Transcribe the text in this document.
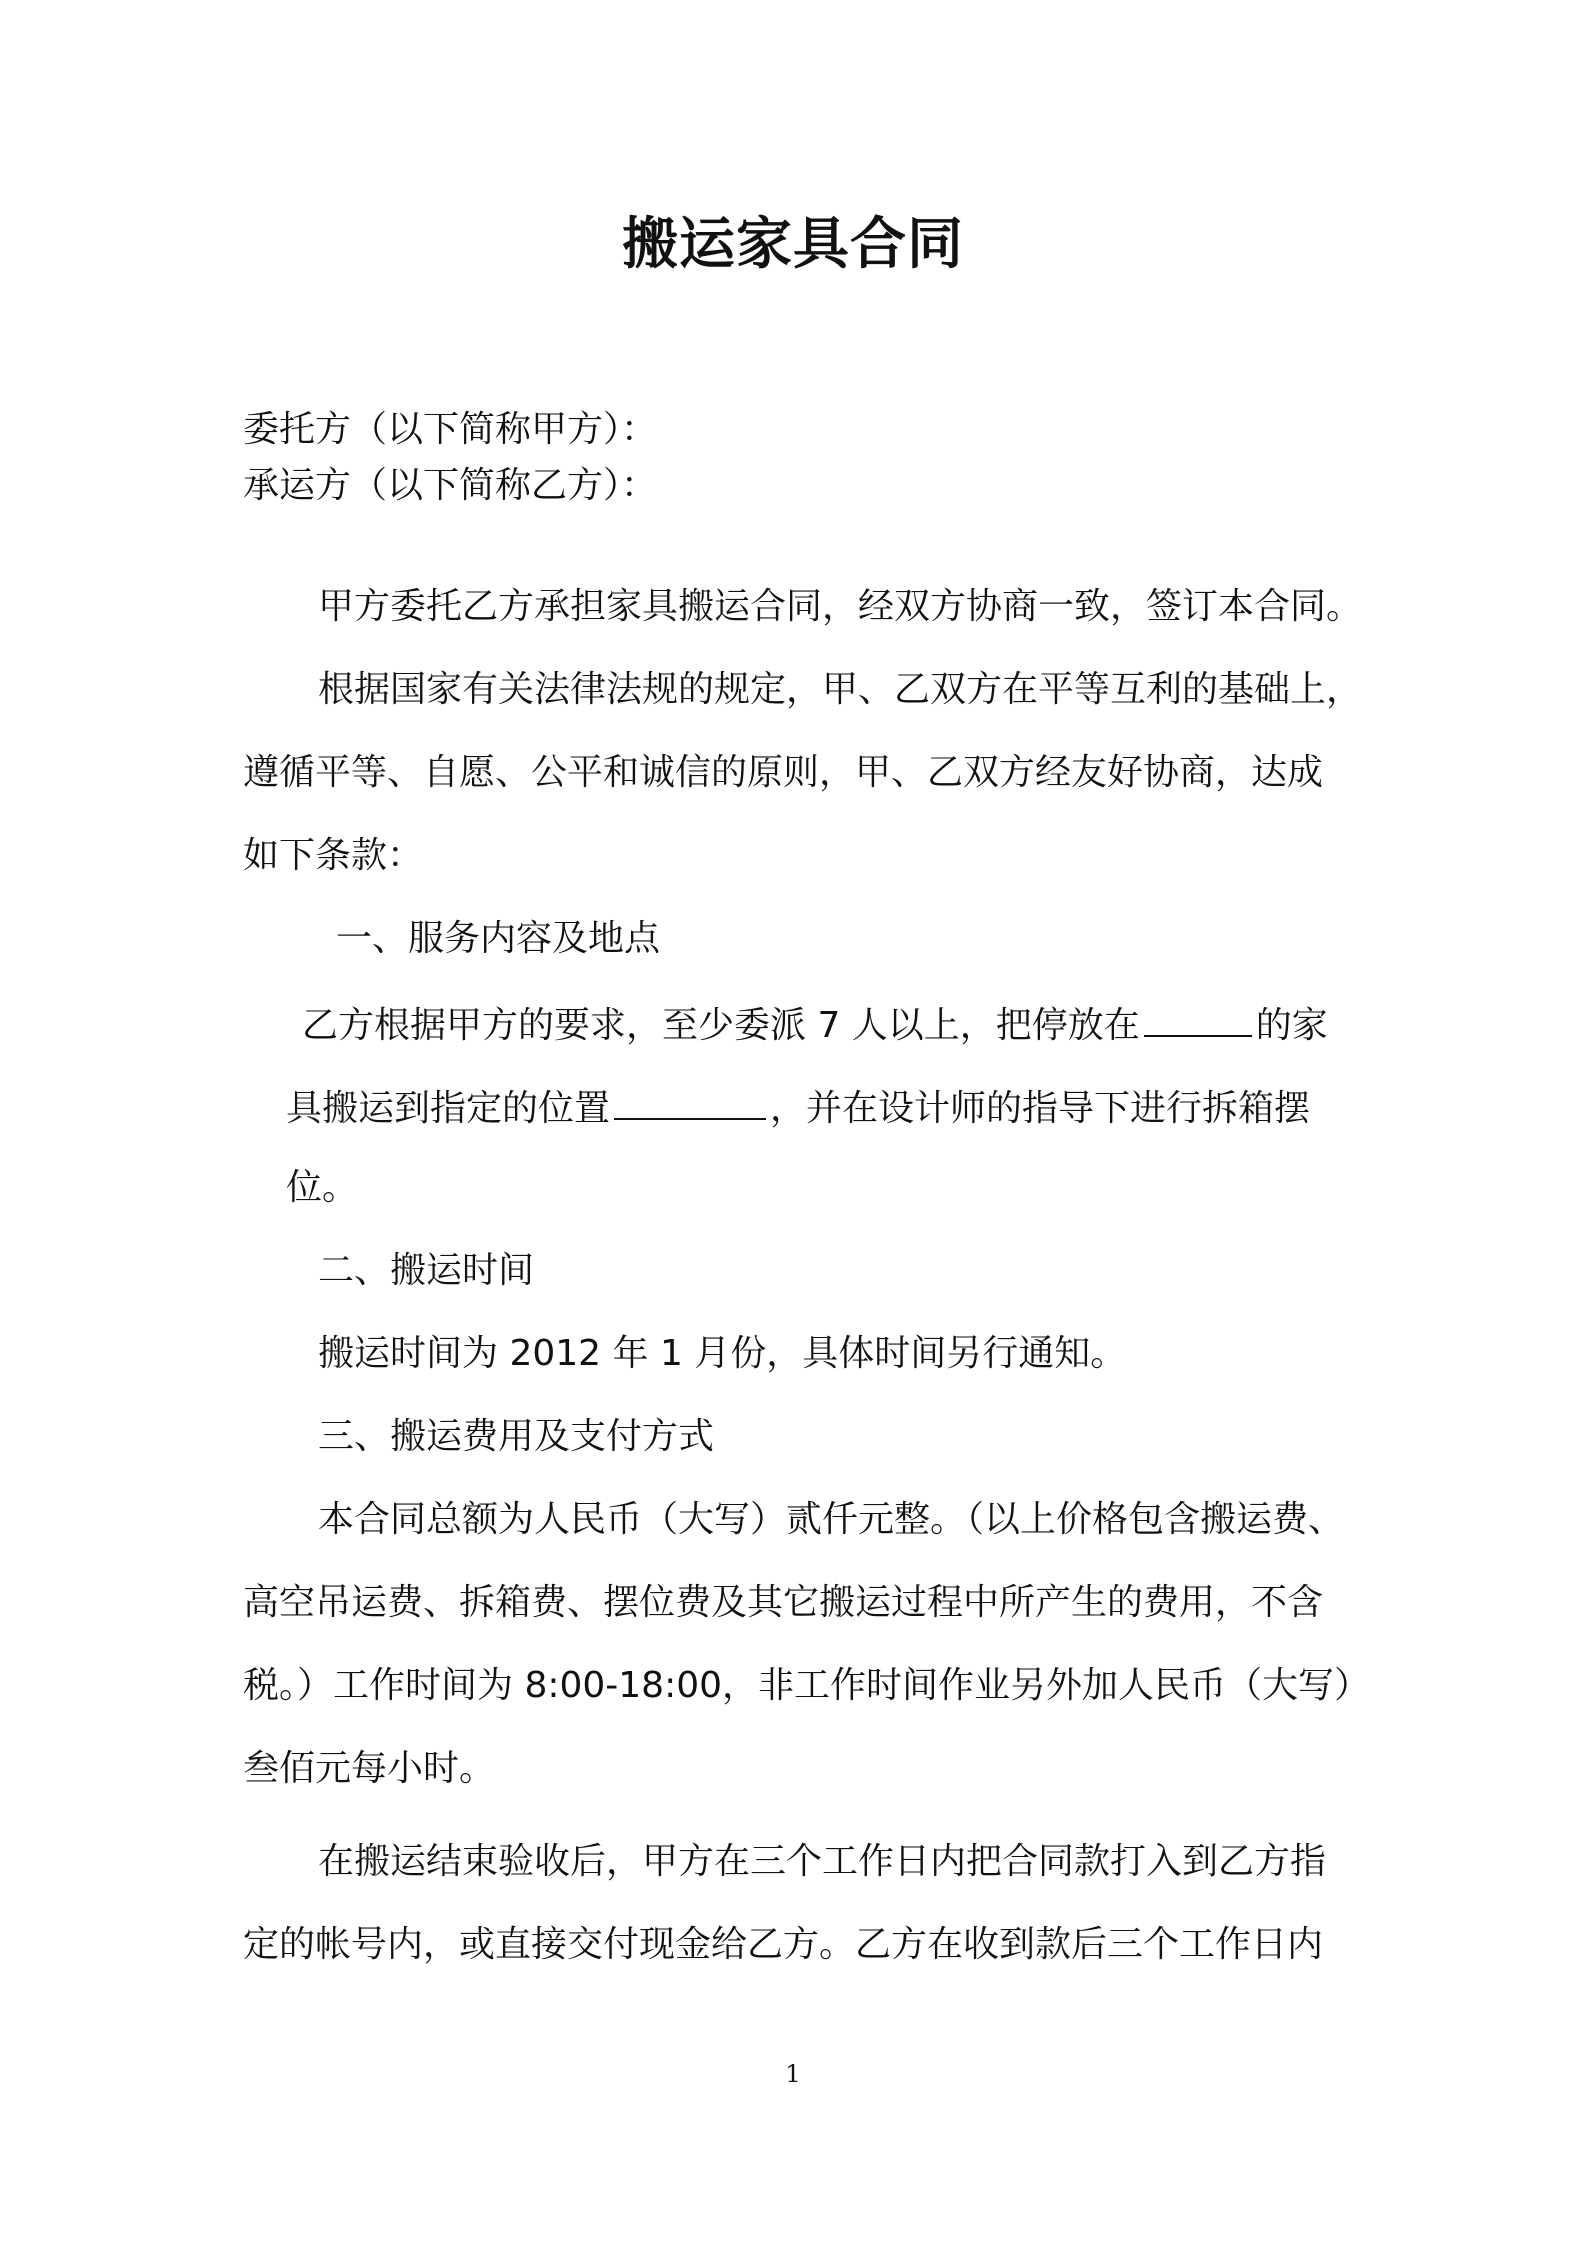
搬运家具合同
委托方（以下简称甲方）：
承运方（以下简称乙方）：
甲方委托乙方承担家具搬运合同，经双方协商一致，签订本合同。
根据国家有关法律法规的规定，甲、乙双方在平等互利的基础上，
遵循平等、自愿、公平和诚信的原则，甲、乙双方经友好协商，达成
如下条款：
一、服务内容及地点
乙方根据甲方的要求，至少委派 7 人以上，把停放在	的家
具搬运到指定的位置	，并在设计师的指导下进行拆箱摆
位。
二、搬运时间
搬运时间为 2012 年 1 月份，具体时间另行通知。
三、搬运费用及支付方式
本合同总额为人民币（大写）贰仟元整。（以上价格包含搬运费、
高空吊运费、拆箱费、摆位费及其它搬运过程中所产生的费用，不含
税。）工作时间为 8:00-18:00，非工作时间作业另外加人民币（大写）
叁佰元每小时。
在搬运结束验收后，甲方在三个工作日内把合同款打入到乙方指
定的帐号内，或直接交付现金给乙方。乙方在收到款后三个工作日内
1
